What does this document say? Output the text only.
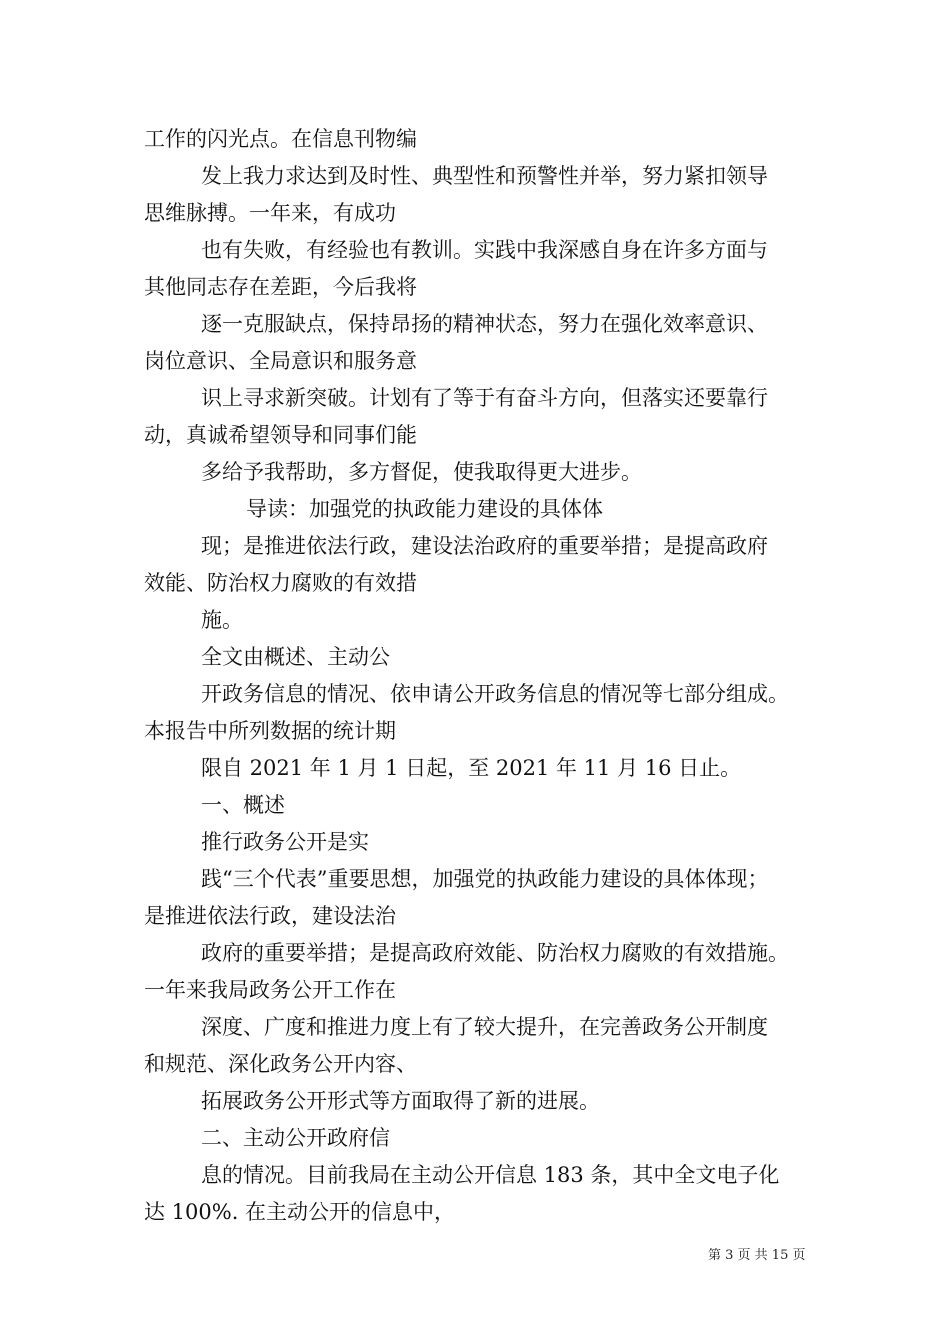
工作的闪光点。在信息刊物编
发上我力求达到及时性、典型性和预警性并举，努力紧扣领导
思维脉搏。一年来，有成功
也有失败，有经验也有教训。实践中我深感自身在许多方面与
其他同志存在差距，今后我将
逐一克服缺点，保持昂扬的精神状态，努力在强化效率意识、
岗位意识、全局意识和服务意
识上寻求新突破。计划有了等于有奋斗方向，但落实还要靠行
动，真诚希望领导和同事们能
多给予我帮助，多方督促，使我取得更大进步。
导读：加强党的执政能力建设的具体体
现；是推进依法行政，建设法治政府的重要举措；是提高政府
效能、防治权力腐败的有效措
施。
全文由概述、主动公
开政务信息的情况、依申请公开政务信息的情况等七部分组成。
本报告中所列数据的统计期
限自 2021 年 1 月 1 日起，至 2021 年 11 月 16 日止。
一、概述
推行政务公开是实
践“三个代表”重要思想，加强党的执政能力建设的具体体现；
是推进依法行政，建设法治
政府的重要举措；是提高政府效能、防治权力腐败的有效措施。
一年来我局政务公开工作在
深度、广度和推进力度上有了较大提升，在完善政务公开制度
和规范、深化政务公开内容、
拓展政务公开形式等方面取得了新的进展。
二、主动公开政府信
息的情况。目前我局在主动公开信息 183 条，其中全文电子化
达 100%. 在主动公开的信息中，
第 3 页 共 15 页
